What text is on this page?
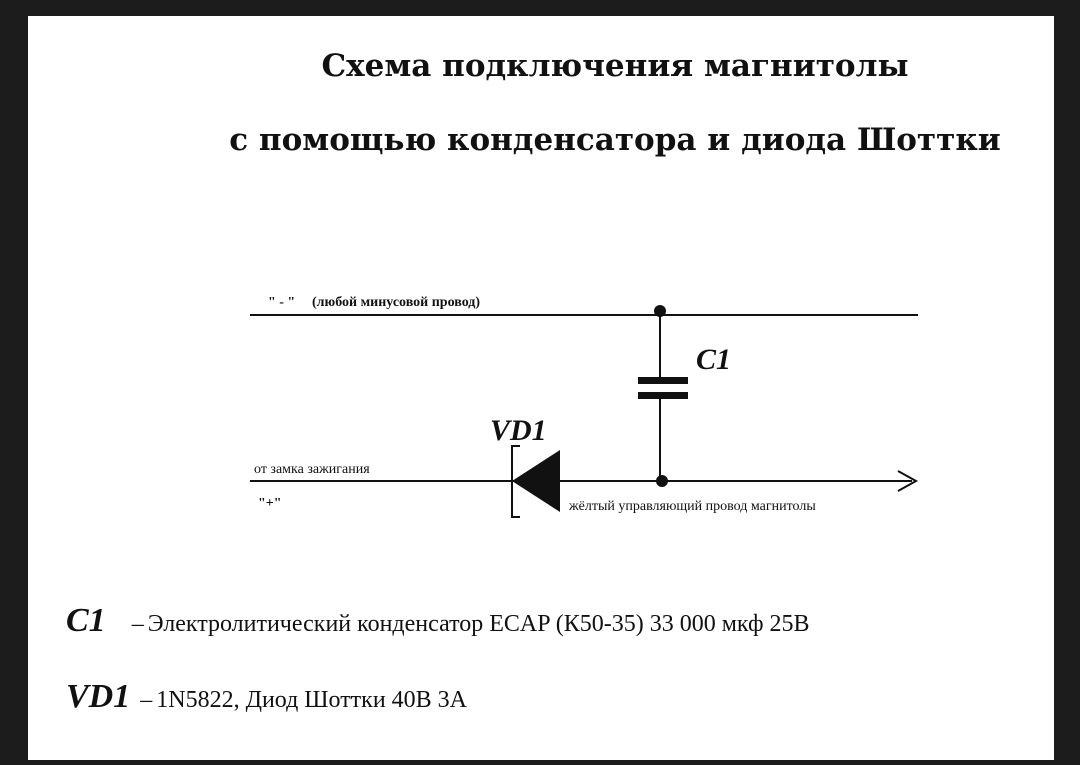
Схема подключения магнитолы
с помощью конденсатора и диода Шоттки
" - " (любой минусовой провод)
от замка зажигания
"+"	жёлтый управляющий провод магнитолы
C1
VD1
C1 – Электролитический конденсатор ECAP (К50-35) 33 000 мкф 25В
VD1 – 1N5822, Диод Шоттки 40В 3А
